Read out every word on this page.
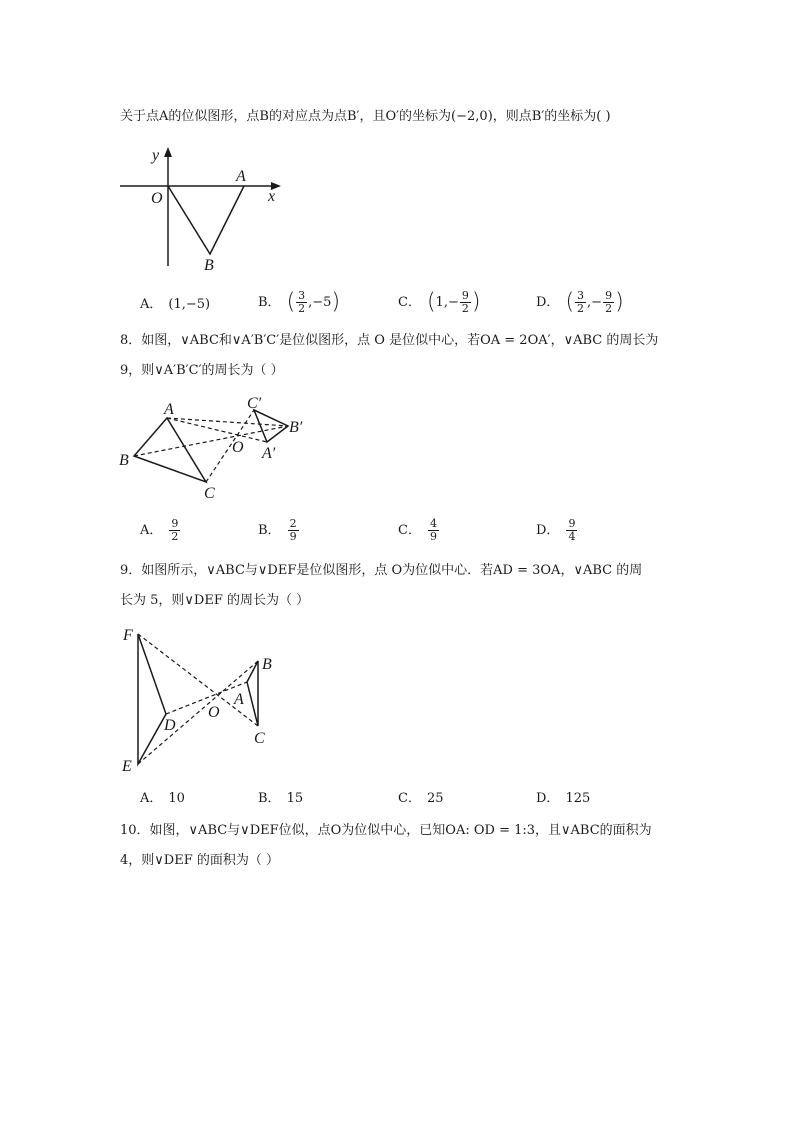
关于点A的位似图形，点B的对应点为点B′，且O′的坐标为(−2,0)，则点B′的坐标为( )
y
x
O
A
B
A． (1,−5)	B． ( $\frac{3}{2} ,-5$)	C． ($1,- \frac{9}{2}$ )	D． ( $\frac{3}{2}$ ,− $\frac{9}{2}$ )
8．如图，∨ABC和∨A′B′C′是位似图形，点 O 是位似中心，若OA = 2OA′，∨ABC 的周长为
9，则∨A′B′C′的周长为（ ）
A
B
C
O A′
B′
C′
A． $\frac{9}{2}$	B． $\frac{2}{9}$	C． $\frac{4}{9}$	D． $\frac{9}{4}$
9．如图所示，∨ABC与∨DEF是位似图形，点 O为位似中心．若AD = 3OA，∨ABC 的周
长为 5，则∨DEF 的周长为（ ）
F
E
D
O
A
B
C
A． 10	B． 15	C． 25	D． 125
10．如图，∨ABC与∨DEF位似，点O为位似中心，已知OA: OD = 1:3，且∨ABC的面积为
4，则∨DEF 的面积为（ ）
